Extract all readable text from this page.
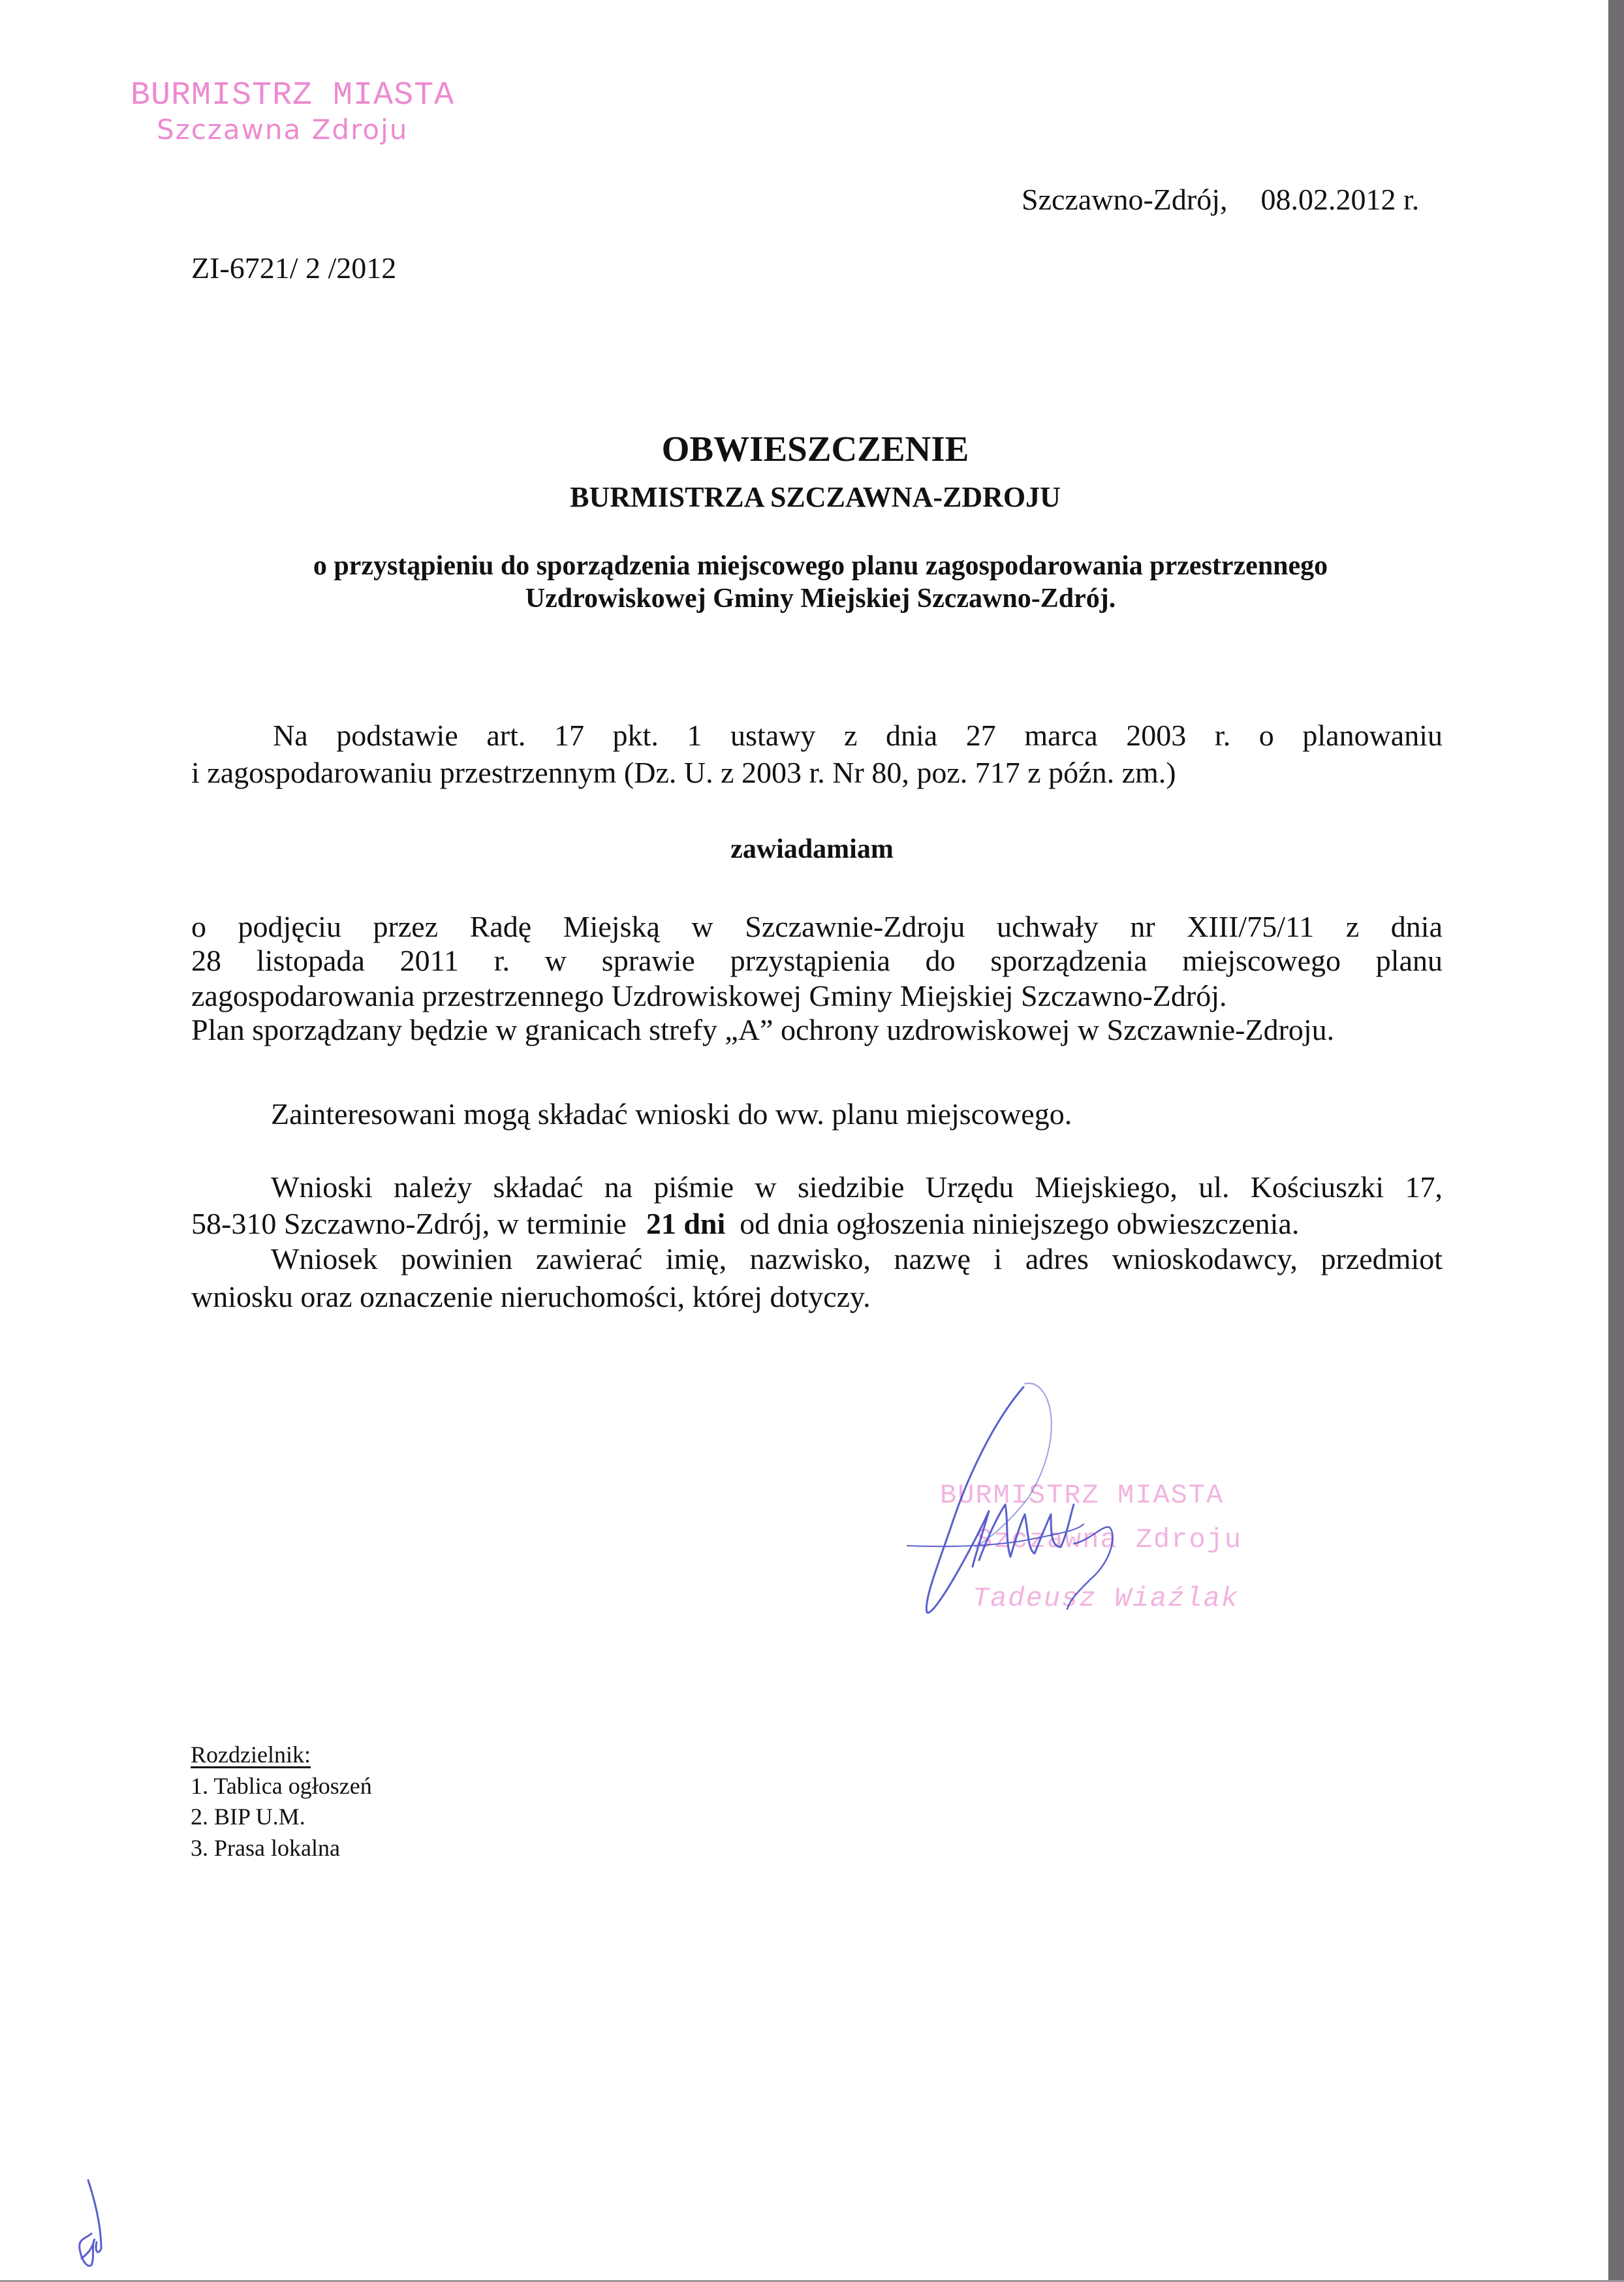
BURMISTRZ MIASTA
Szczawna Zdroju
Szczawno-Zdrój, 08.02.2012 r.
ZI-6721/ 2 /2012
OBWIESZCZENIE
BURMISTRZA SZCZAWNA-ZDROJU
o przystąpieniu do sporządzenia miejscowego planu zagospodarowania przestrzennego
Uzdrowiskowej Gminy Miejskiej Szczawno-Zdrój.
Na podstawie art. 17 pkt. 1 ustawy z dnia 27 marca 2003 r. o planowaniu
i zagospodarowaniu przestrzennym (Dz. U. z 2003 r. Nr 80, poz. 717 z późn. zm.)
zawiadamiam
o podjęciu przez Radę Miejską w Szczawnie-Zdroju uchwały nr XIII/75/11 z dnia
28 listopada 2011 r. w sprawie przystąpienia do sporządzenia miejscowego planu
zagospodarowania przestrzennego Uzdrowiskowej Gminy Miejskiej Szczawno-Zdrój.
Plan sporządzany będzie w granicach strefy „A” ochrony uzdrowiskowej w Szczawnie-Zdroju.
Zainteresowani mogą składać wnioski do ww. planu miejscowego.
Wnioski należy składać na piśmie w siedzibie Urzędu Miejskiego, ul. Kościuszki 17,
58-310 Szczawno-Zdrój, w terminie 21 dni od dnia ogłoszenia niniejszego obwieszczenia.
Wniosek powinien zawierać imię, nazwisko, nazwę i adres wnioskodawcy, przedmiot
wniosku oraz oznaczenie nieruchomości, której dotyczy.
BURMISTRZ MIASTA
Szczawna Zdroju
Tadeusz Wiaźlak
Rozdzielnik:
1. Tablica ogłoszeń
2. BIP U.M.
3. Prasa lokalna
